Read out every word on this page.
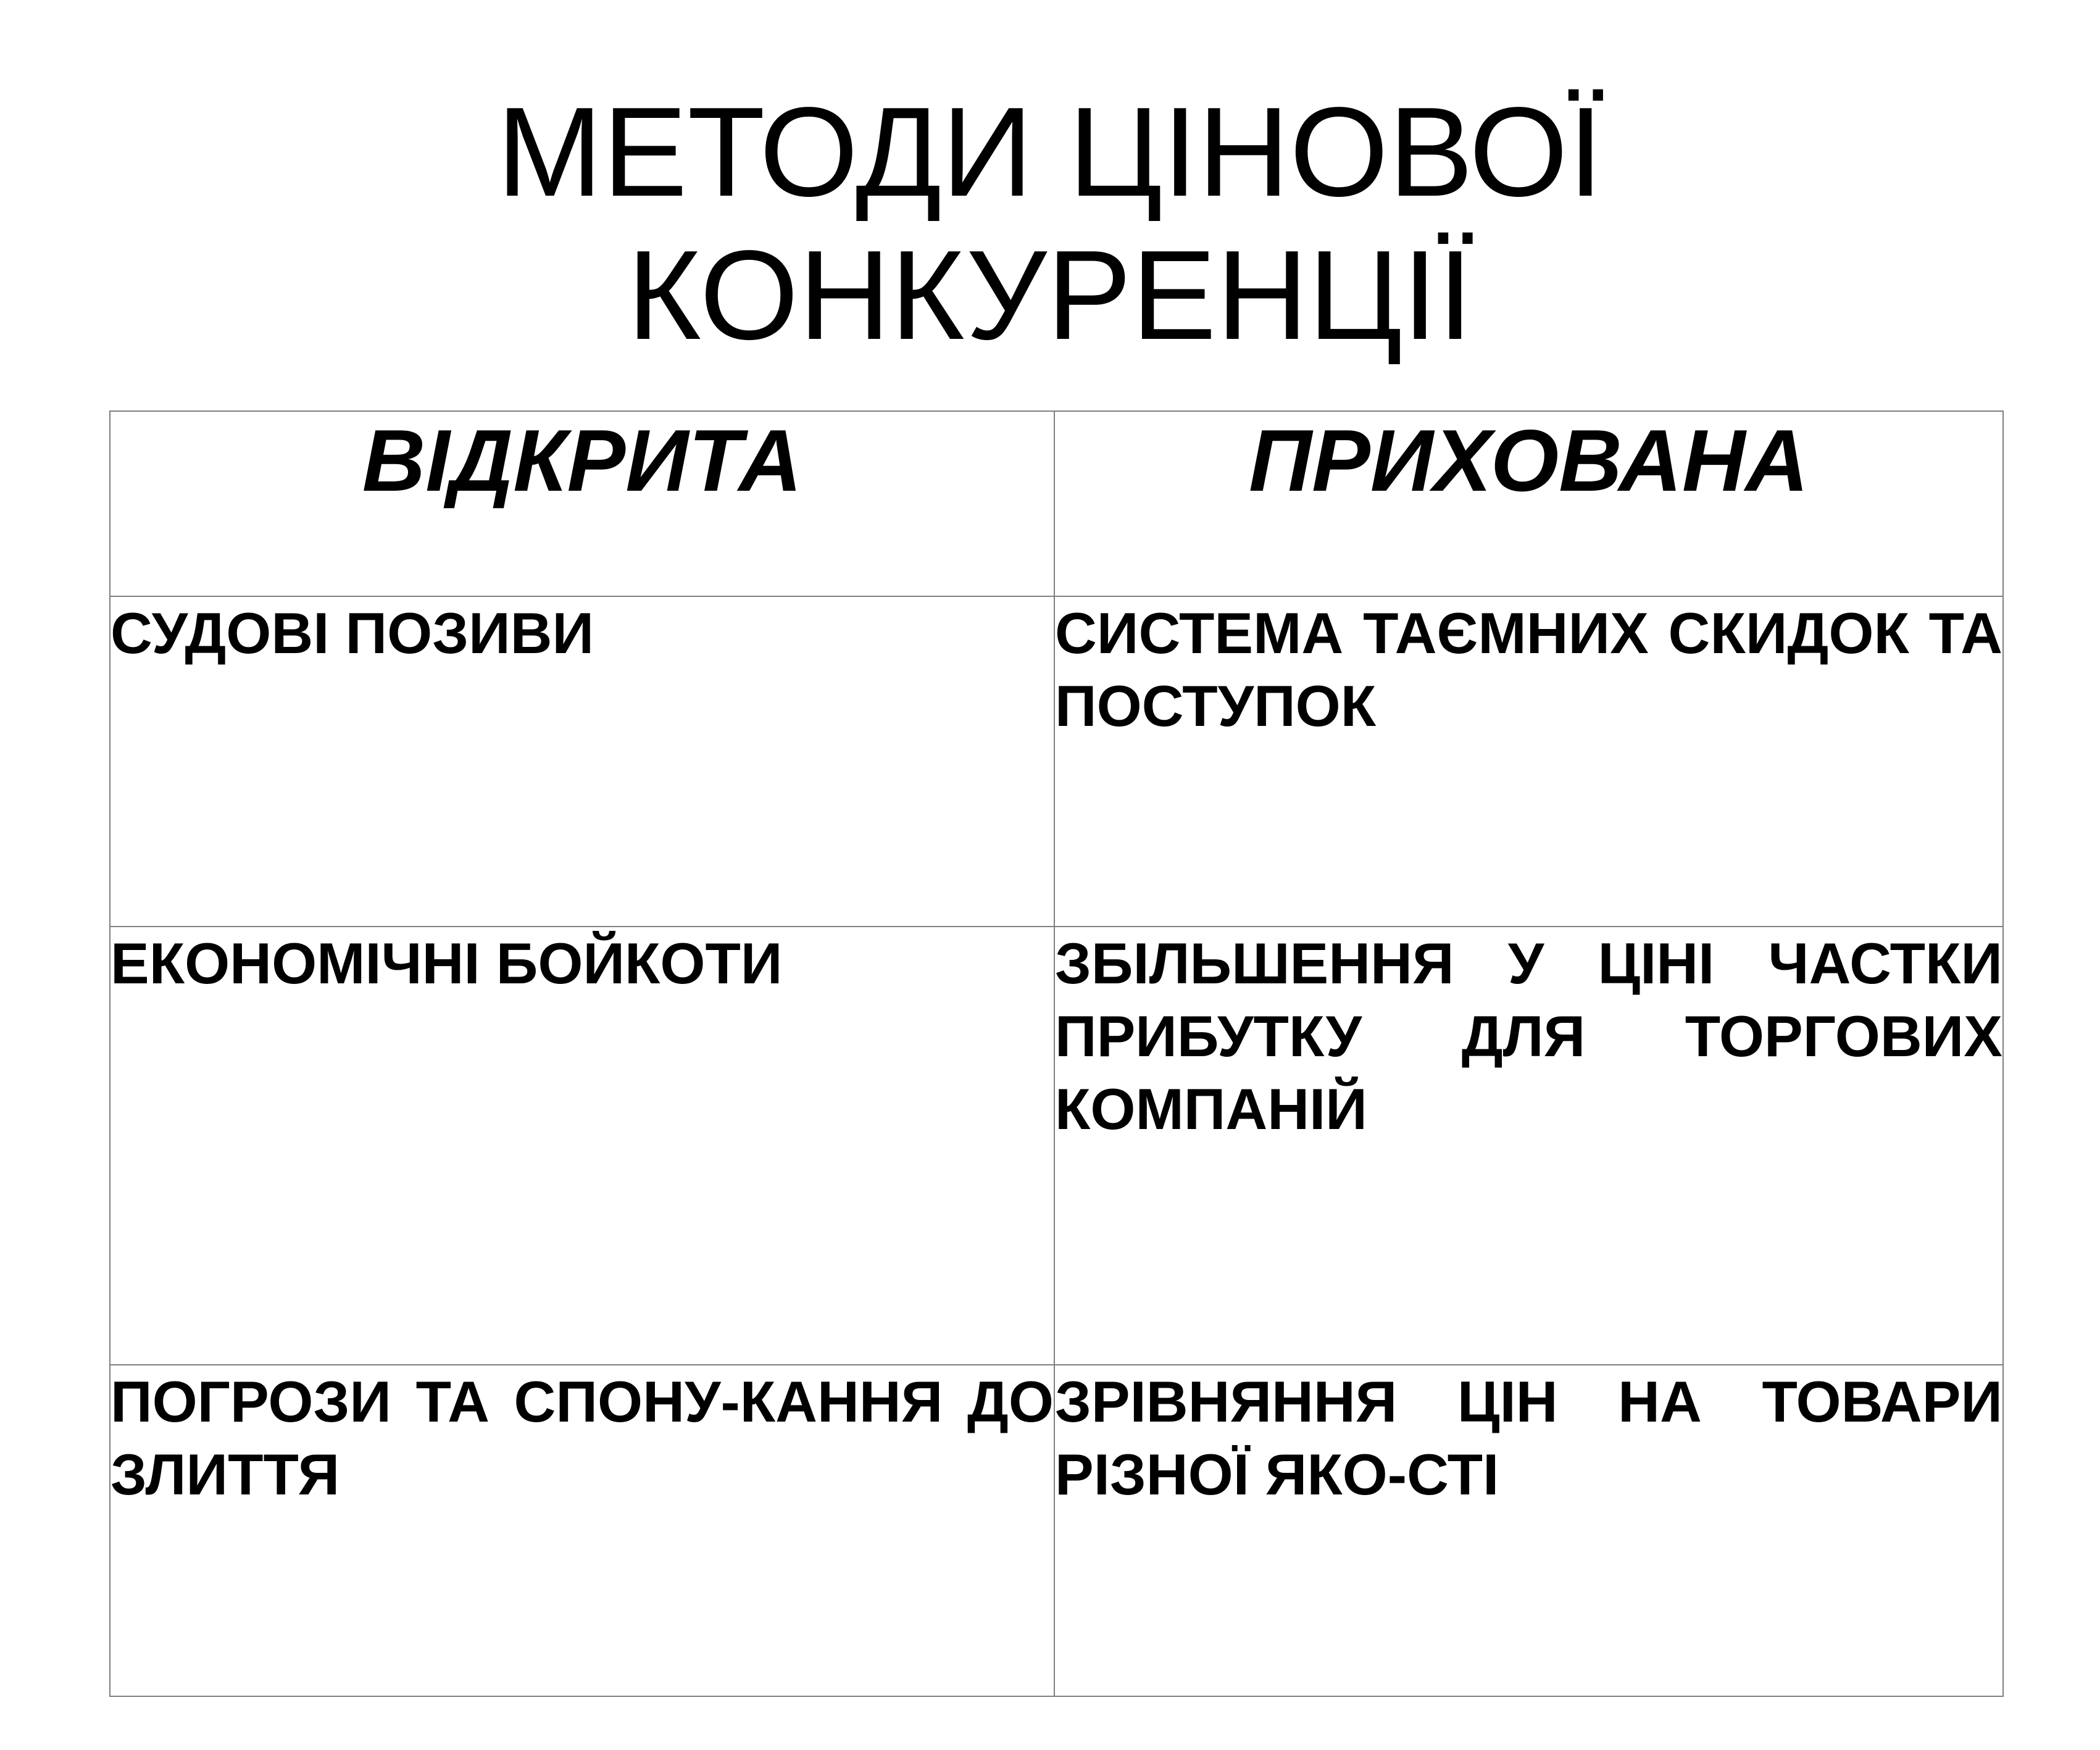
МЕТОДИ ЦІНОВОЇ
КОНКУРЕНЦІЇ
ВІДКРИТА	ПРИХОВАНА
СУДОВІ ПОЗИВИ	СИСТЕМА ТАЄМНИХ СКИДОК ТА ПОСТУПОК
ЕКОНОМІЧНІ БОЙКОТИ	ЗБІЛЬШЕННЯ У ЦІНІ ЧАСТКИ ПРИБУТКУ ДЛЯ ТОРГОВИХ КОМПАНІЙ
ПОГРОЗИ ТА СПОНУ-КАННЯ ДО ЗЛИТТЯ	ЗРІВНЯННЯ ЦІН НА ТОВАРИ РІЗНОЇ ЯКО-СТІ
